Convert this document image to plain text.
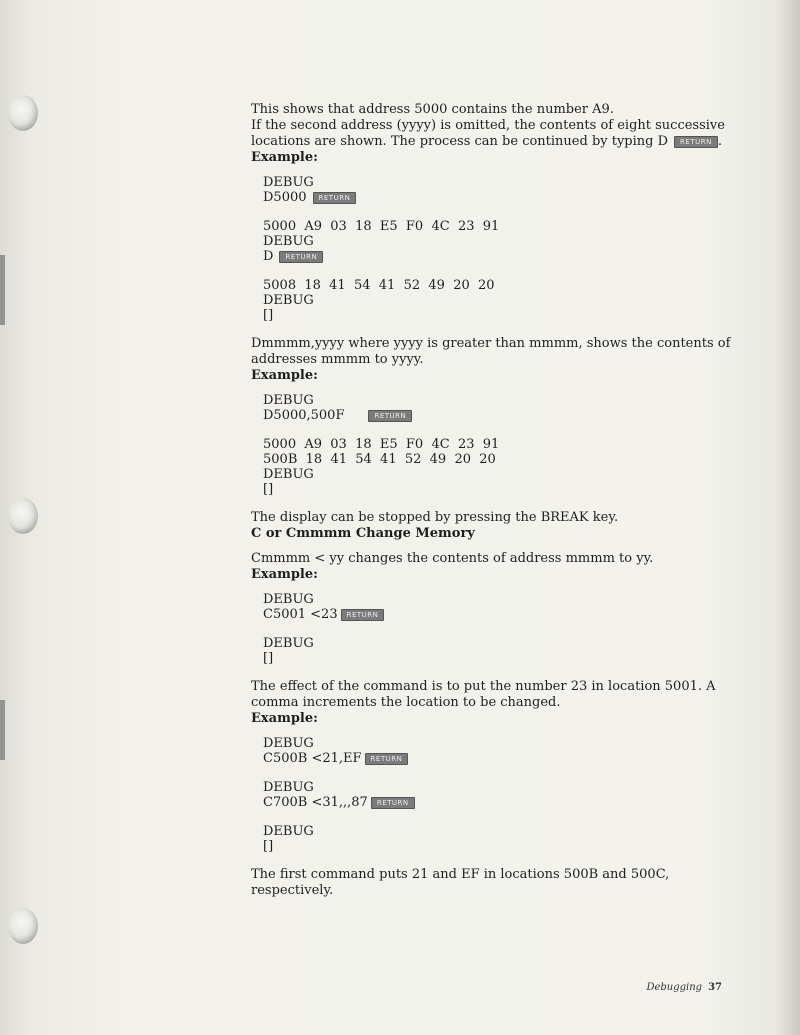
This shows that address 5000 contains the number A9.

If the second address (yyyy) is omitted, the contents of eight successive locations are shown. The process can be continued by typing D RETURN .

Example:
DEBUG
D5000 RETURN
5000  A9  03  18  E5  F0  4C  23  91
DEBUG
D RETURN
5008  18  41  54  41  52  49  20  20
DEBUG
[]

Dmmmm,yyyy where yyyy is greater than mmmm, shows the contents of addresses mmmm to yyyy.

Example:
DEBUG
D5000,500F	RETURN
5000  A9  03  18  E5  F0  4C  23  91
500B  18  41  54  41  52  49  20  20
DEBUG
[]

The display can be stopped by pressing the BREAK key.

C or Cmmmm Change Memory

Cmmmm < yy changes the contents of address mmmm to yy.

Example:
DEBUG
C5001 <23 RETURN
DEBUG
[]

The effect of the command is to put the number 23 in location 5001. A comma increments the location to be changed.

Example:
DEBUG
C500B <21,EF RETURN
DEBUG
C700B <31,,,87 RETURN
DEBUG
[]

The first command puts 21 and EF in locations 500B and 500C, respectively.

Debugging 37
